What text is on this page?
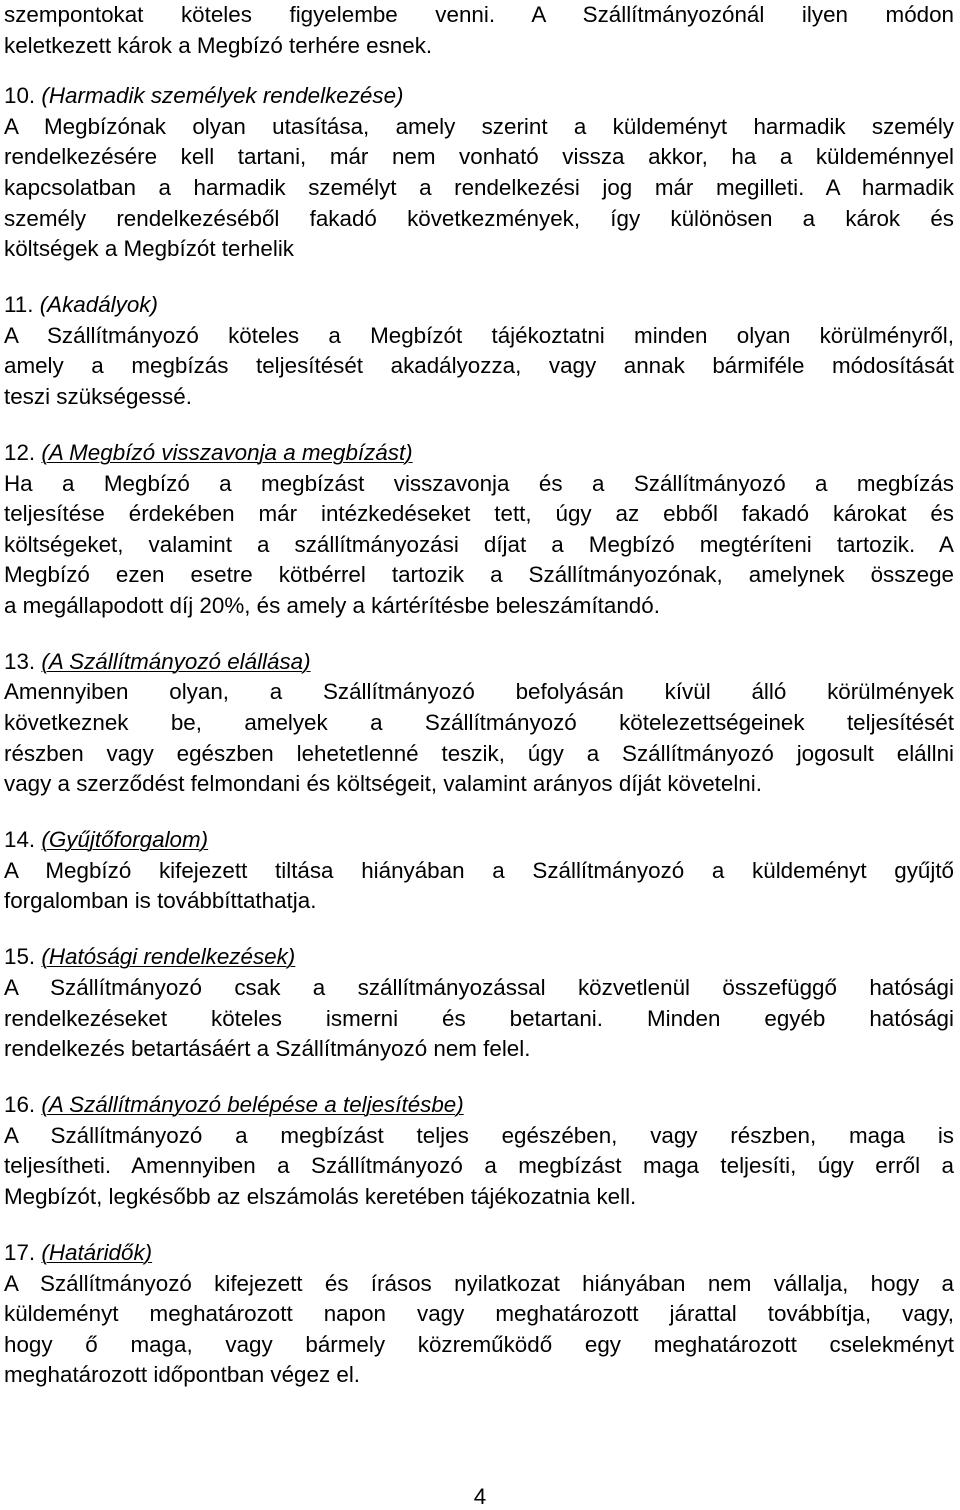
szempontokat köteles figyelembe venni. A Szállítmányozónál ilyen módon
keletkezett károk a Megbízó terhére esnek.
10. (Harmadik személyek rendelkezése)
A Megbízónak olyan utasítása, amely szerint a küldeményt harmadik személy
rendelkezésére kell tartani, már nem vonható vissza akkor, ha a küldeménnyel
kapcsolatban a harmadik személyt a rendelkezési jog már megilleti. A harmadik
személy rendelkezéséből fakadó következmények, így különösen a károk és
költségek a Megbízót terhelik
11. (Akadályok)
A Szállítmányozó köteles a Megbízót tájékoztatni minden olyan körülményről,
amely a megbízás teljesítését akadályozza, vagy annak bármiféle módosítását
teszi szükségessé.
12. (A Megbízó visszavonja a megbízást)
Ha a Megbízó a megbízást visszavonja és a Szállítmányozó a megbízás
teljesítése érdekében már intézkedéseket tett, úgy az ebből fakadó károkat és
költségeket, valamint a szállítmányozási díjat a Megbízó megtéríteni tartozik. A
Megbízó ezen esetre kötbérrel tartozik a Szállítmányozónak, amelynek összege
a megállapodott díj 20%, és amely a kártérítésbe beleszámítandó.
13. (A Szállítmányozó elállása)
Amennyiben olyan, a Szállítmányozó befolyásán kívül álló körülmények
következnek be, amelyek a Szállítmányozó kötelezettségeinek teljesítését
részben vagy egészben lehetetlenné teszik, úgy a Szállítmányozó jogosult elállni
vagy a szerződést felmondani és költségeit, valamint arányos díját követelni.
14. (Gyűjtőforgalom)
A Megbízó kifejezett tiltása hiányában a Szállítmányozó a küldeményt gyűjtő
forgalomban is továbbíttathatja.
15. (Hatósági rendelkezések)
A Szállítmányozó csak a szállítmányozással közvetlenül összefüggő hatósági
rendelkezéseket köteles ismerni és betartani. Minden egyéb hatósági
rendelkezés betartásáért a Szállítmányozó nem felel.
16. (A Szállítmányozó belépése a teljesítésbe)
A Szállítmányozó a megbízást teljes egészében, vagy részben, maga is
teljesítheti. Amennyiben a Szállítmányozó a megbízást maga teljesíti, úgy erről a
Megbízót, legkésőbb az elszámolás keretében tájékozatnia kell.
17. (Határidők)
A Szállítmányozó kifejezett és írásos nyilatkozat hiányában nem vállalja, hogy a
küldeményt meghatározott napon vagy meghatározott járattal továbbítja, vagy,
hogy ő maga, vagy bármely közreműködő egy meghatározott cselekményt
meghatározott időpontban végez el.
4
